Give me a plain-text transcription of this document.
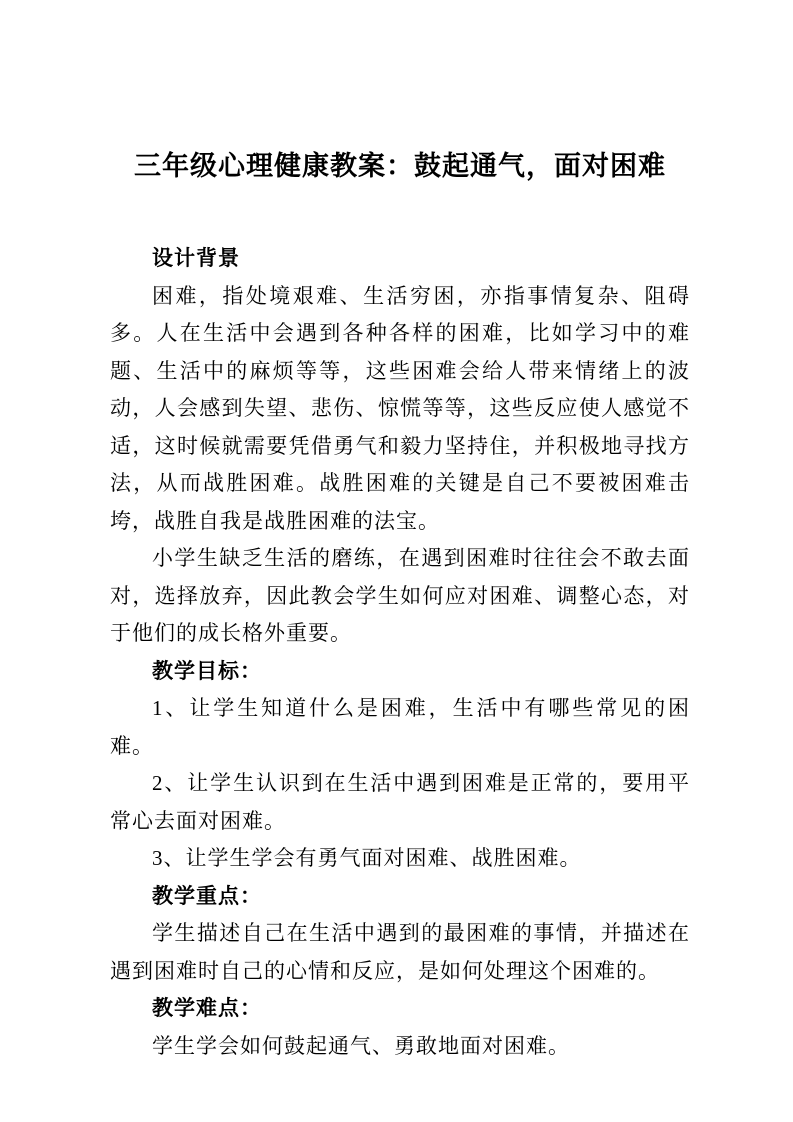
三年级心理健康教案：鼓起通气，面对困难

设计背景

困难，指处境艰难、生活穷困，亦指事情复杂、阻碍多。人在生活中会遇到各种各样的困难，比如学习中的难题、生活中的麻烦等等，这些困难会给人带来情绪上的波动，人会感到失望、悲伤、惊慌等等，这些反应使人感觉不适，这时候就需要凭借勇气和毅力坚持住，并积极地寻找方法，从而战胜困难。战胜困难的关键是自己不要被困难击垮，战胜自我是战胜困难的法宝。

小学生缺乏生活的磨练，在遇到困难时往往会不敢去面对，选择放弃，因此教会学生如何应对困难、调整心态，对于他们的成长格外重要。

教学目标：

1、让学生知道什么是困难，生活中有哪些常见的困难。

2、让学生认识到在生活中遇到困难是正常的，要用平常心去面对困难。

3、让学生学会有勇气面对困难、战胜困难。

教学重点：

学生描述自己在生活中遇到的最困难的事情，并描述在遇到困难时自己的心情和反应，是如何处理这个困难的。

教学难点：

学生学会如何鼓起通气、勇敢地面对困难。
